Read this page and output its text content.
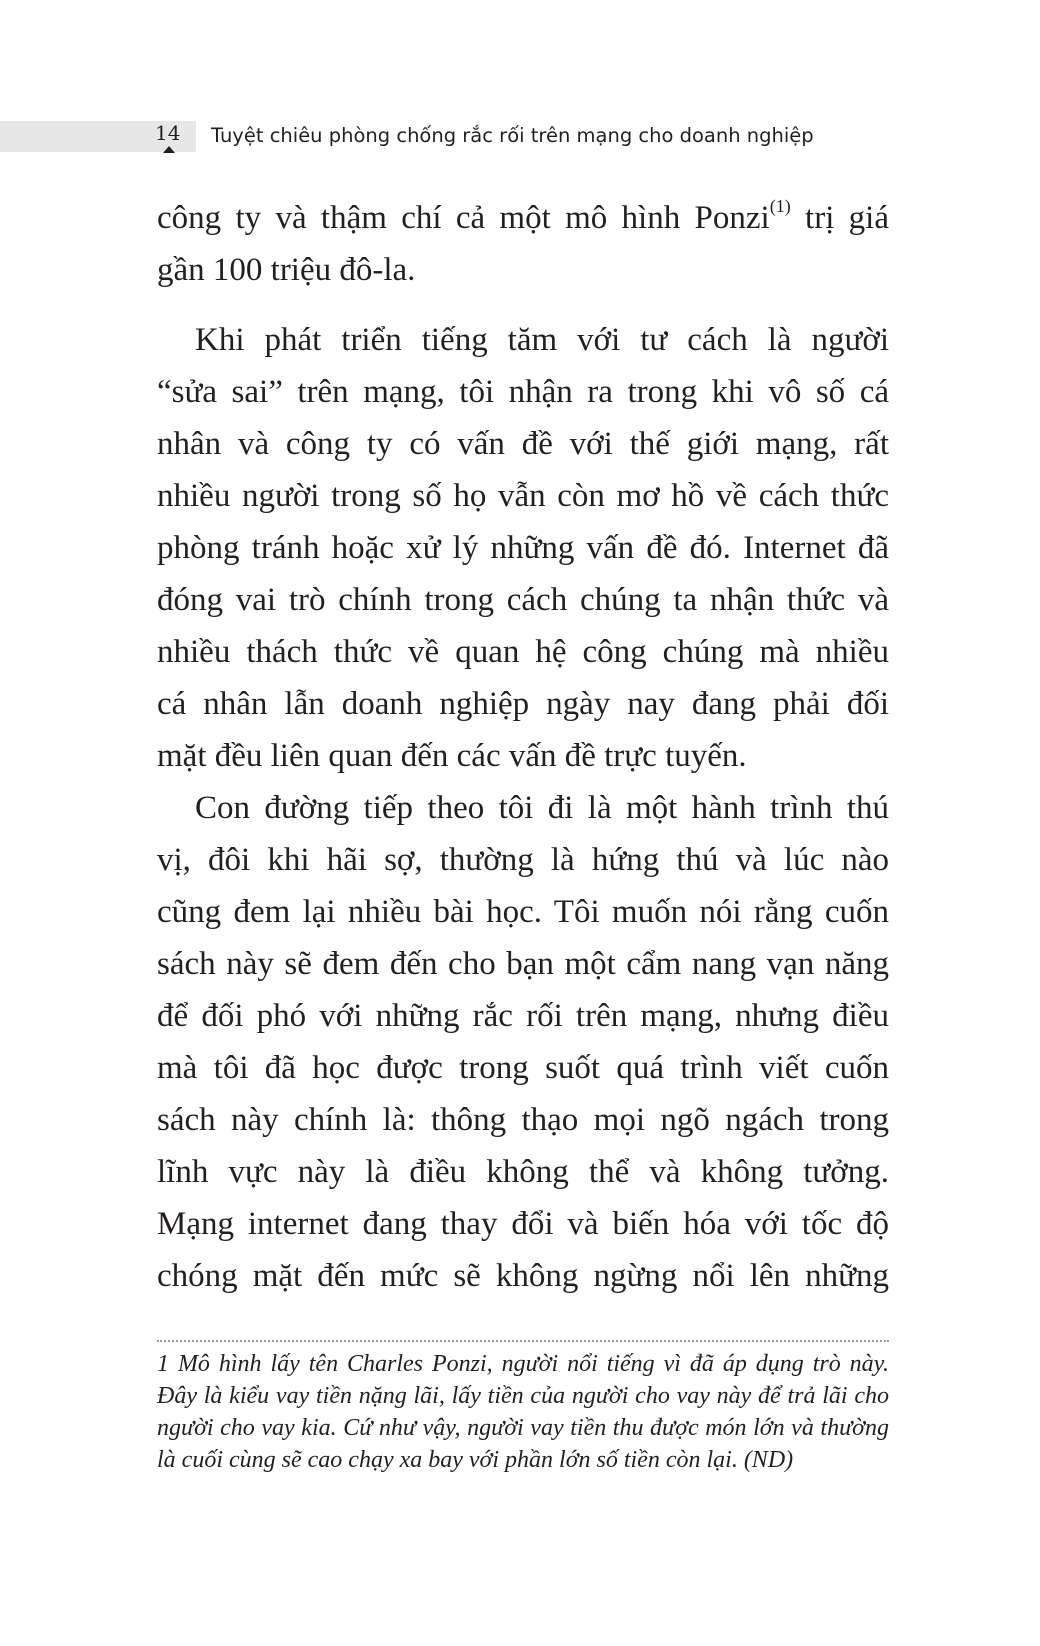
14 Tuyệt chiêu phòng chống rắc rối trên mạng cho doanh nghiệp

công ty và thậm chí cả một mô hình Ponzi$^{(1)}$ trị giá
gần 100 triệu đô-la.

Khi phát triển tiếng tăm với tư cách là người
“sửa sai” trên mạng, tôi nhận ra trong khi vô số cá
nhân và công ty có vấn đề với thế giới mạng, rất
nhiều người trong số họ vẫn còn mơ hồ về cách thức
phòng tránh hoặc xử lý những vấn đề đó. Internet đã
đóng vai trò chính trong cách chúng ta nhận thức và
nhiều thách thức về quan hệ công chúng mà nhiều
cá nhân lẫn doanh nghiệp ngày nay đang phải đối
mặt đều liên quan đến các vấn đề trực tuyến.

Con đường tiếp theo tôi đi là một hành trình thú
vị, đôi khi hãi sợ, thường là hứng thú và lúc nào
cũng đem lại nhiều bài học. Tôi muốn nói rằng cuốn
sách này sẽ đem đến cho bạn một cẩm nang vạn năng
để đối phó với những rắc rối trên mạng, nhưng điều
mà tôi đã học được trong suốt quá trình viết cuốn
sách này chính là: thông thạo mọi ngõ ngách trong
lĩnh vực này là điều không thể và không tưởng.
Mạng internet đang thay đổi và biến hóa với tốc độ
chóng mặt đến mức sẽ không ngừng nổi lên những

1 Mô hình lấy tên Charles Ponzi, người nổi tiếng vì đã áp dụng trò này.
Đây là kiểu vay tiền nặng lãi, lấy tiền của người cho vay này để trả lãi cho
người cho vay kia. Cứ như vậy, người vay tiền thu được món lớn và thường
là cuối cùng sẽ cao chạy xa bay với phần lớn số tiền còn lại. (ND)
